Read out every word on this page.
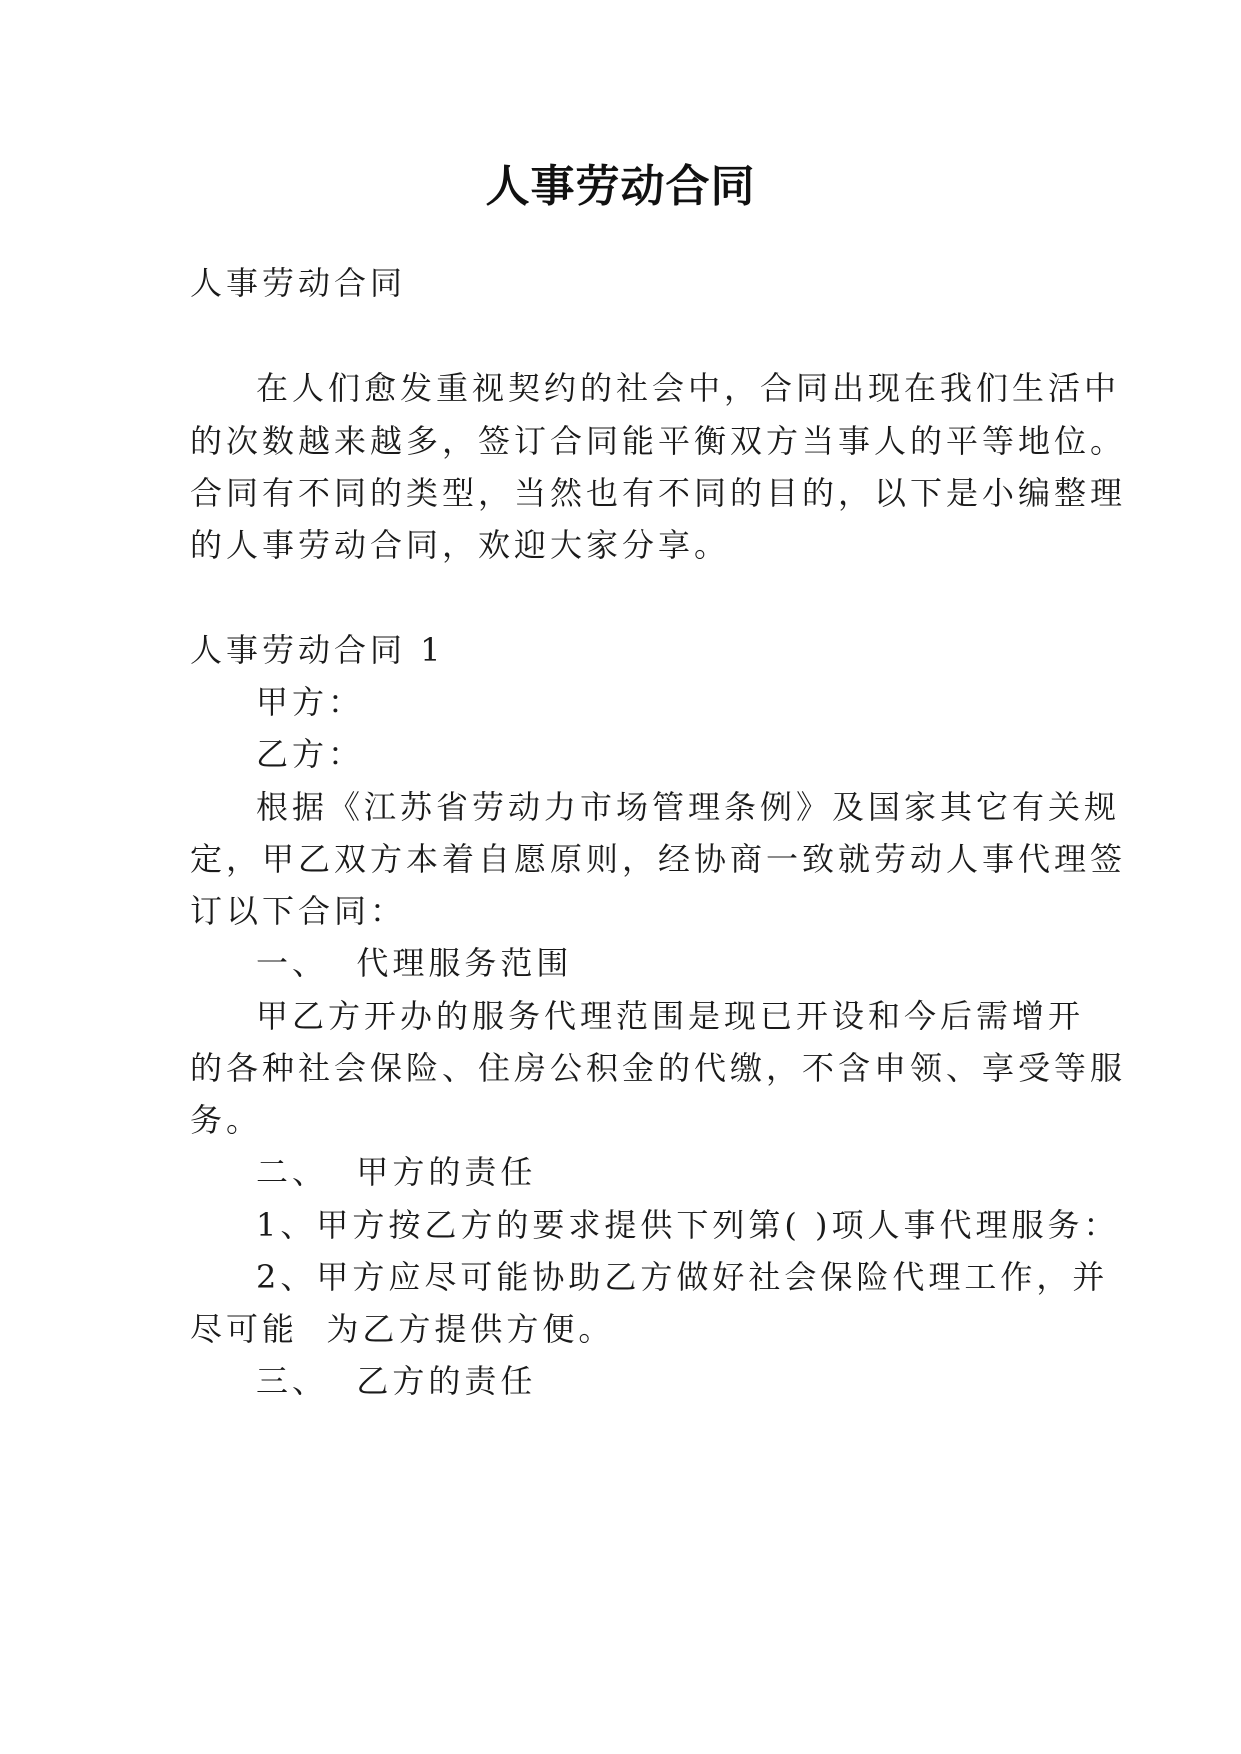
人事劳动合同
人事劳动合同
在人们愈发重视契约的社会中，合同出现在我们生活中
的次数越来越多，签订合同能平衡双方当事人的平等地位。
合同有不同的类型，当然也有不同的目的，以下是小编整理
的人事劳动合同，欢迎大家分享。
人事劳动合同 1
甲方：
乙方：
根据《江苏省劳动力市场管理条例》及国家其它有关规
定，甲乙双方本着自愿原则，经协商一致就劳动人事代理签
订以下合同：
一、  代理服务范围
甲乙方开办的服务代理范围是现已开设和今后需增开
的各种社会保险、住房公积金的代缴，不含申领、享受等服
务。
二、  甲方的责任
1、甲方按乙方的要求提供下列第( )项人事代理服务：
2、甲方应尽可能协助乙方做好社会保险代理工作，并
尽可能  为乙方提供方便。
三、  乙方的责任
